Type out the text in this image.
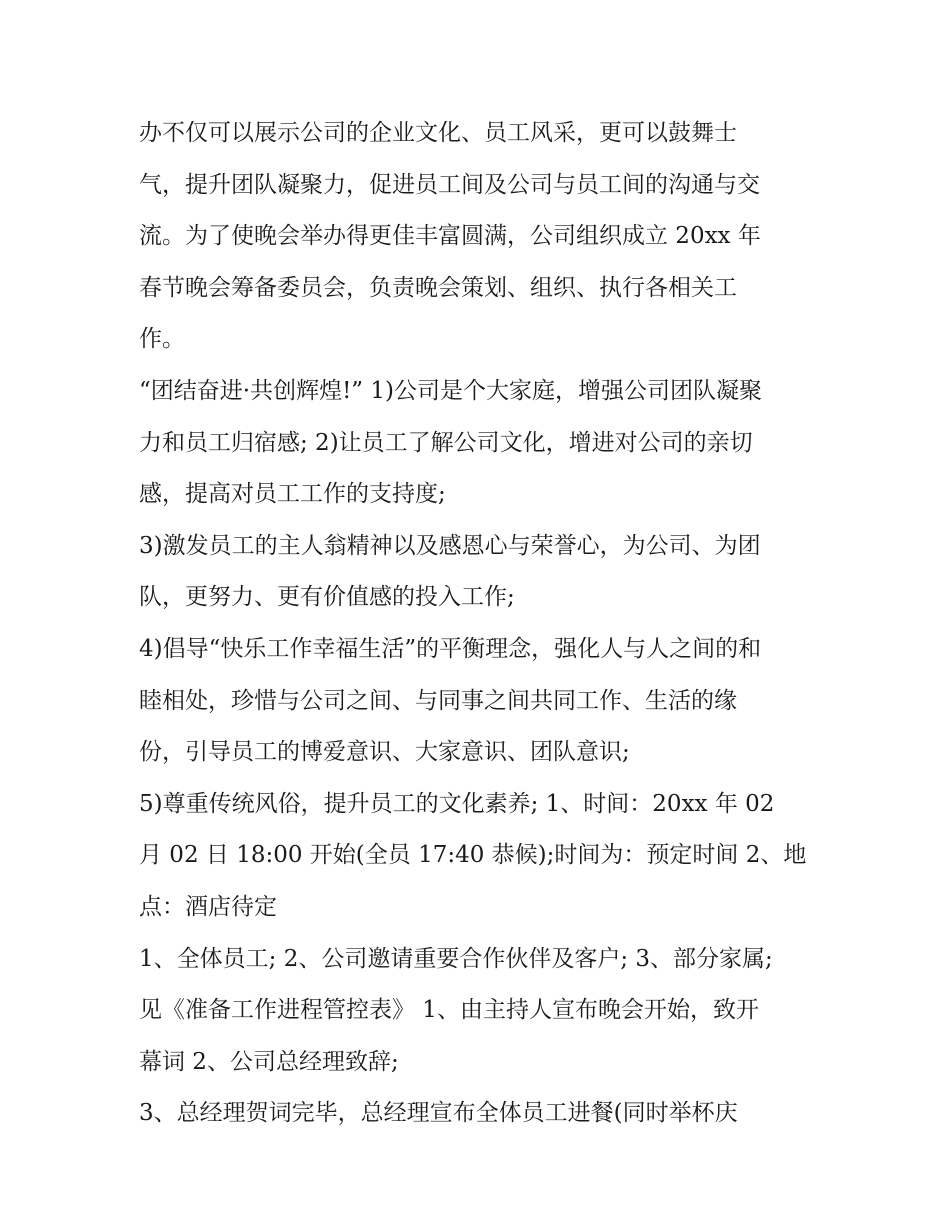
办不仅可以展示公司的企业文化、员工风采，更可以鼓舞士
气，提升团队凝聚力，促进员工间及公司与员工间的沟通与交
流。为了使晚会举办得更佳丰富圆满，公司组织成立 20xx 年
春节晚会筹备委员会，负责晚会策划、组织、执行各相关工
作。
“团结奋进·共创辉煌!” 1)公司是个大家庭，增强公司团队凝聚
力和员工归宿感; 2)让员工了解公司文化，增进对公司的亲切
感，提高对员工工作的支持度;
3)激发员工的主人翁精神以及感恩心与荣誉心，为公司、为团
队，更努力、更有价值感的投入工作;
4)倡导“快乐工作幸福生活”的平衡理念，强化人与人之间的和
睦相处，珍惜与公司之间、与同事之间共同工作、生活的缘
份，引导员工的博爱意识、大家意识、团队意识;
5)尊重传统风俗，提升员工的文化素养; 1、时间：20xx 年 02
月 02 日 18:00 开始(全员 17:40 恭候);时间为：预定时间 2、地
点：酒店待定
1、全体员工; 2、公司邀请重要合作伙伴及客户; 3、部分家属;
见《准备工作进程管控表》 1、由主持人宣布晚会开始，致开
幕词 2、公司总经理致辞;
3、总经理贺词完毕，总经理宣布全体员工进餐(同时举杯庆
